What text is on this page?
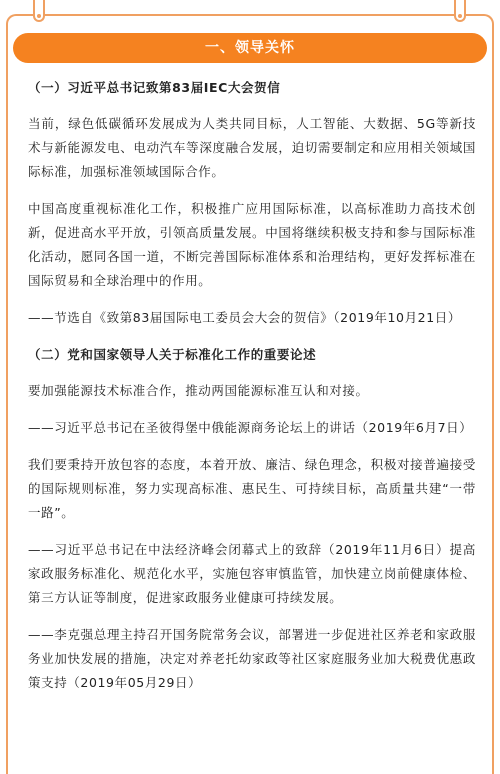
一、领导关怀

（一）习近平总书记致第83届IEC大会贺信

当前，绿色低碳循环发展成为人类共同目标，人工智能、大数据、5G等新技术与新能源发电、电动汽车等深度融合发展，迫切需要制定和应用相关领域国际标准，加强标准领域国际合作。

中国高度重视标准化工作，积极推广应用国际标准，以高标准助力高技术创新，促进高水平开放，引领高质量发展。中国将继续积极支持和参与国际标准化活动，愿同各国一道，不断完善国际标准体系和治理结构，更好发挥标准在国际贸易和全球治理中的作用。

——节选自《致第83届国际电工委员会大会的贺信》（2019年10月21日）

（二）党和国家领导人关于标准化工作的重要论述

要加强能源技术标准合作，推动两国能源标准互认和对接。

——习近平总书记在圣彼得堡中俄能源商务论坛上的讲话（2019年6月7日）

我们要秉持开放包容的态度，本着开放、廉洁、绿色理念，积极对接普遍接受的国际规则标准，努力实现高标准、惠民生、可持续目标，高质量共建“一带一路”。

——习近平总书记在中法经济峰会闭幕式上的致辞（2019年11月6日）提高家政服务标准化、规范化水平，实施包容审慎监管，加快建立岗前健康体检、第三方认证等制度，促进家政服务业健康可持续发展。

——李克强总理主持召开国务院常务会议，部署进一步促进社区养老和家政服务业加快发展的措施，决定对养老托幼家政等社区家庭服务业加大税费优惠政策支持（2019年05月29日）
